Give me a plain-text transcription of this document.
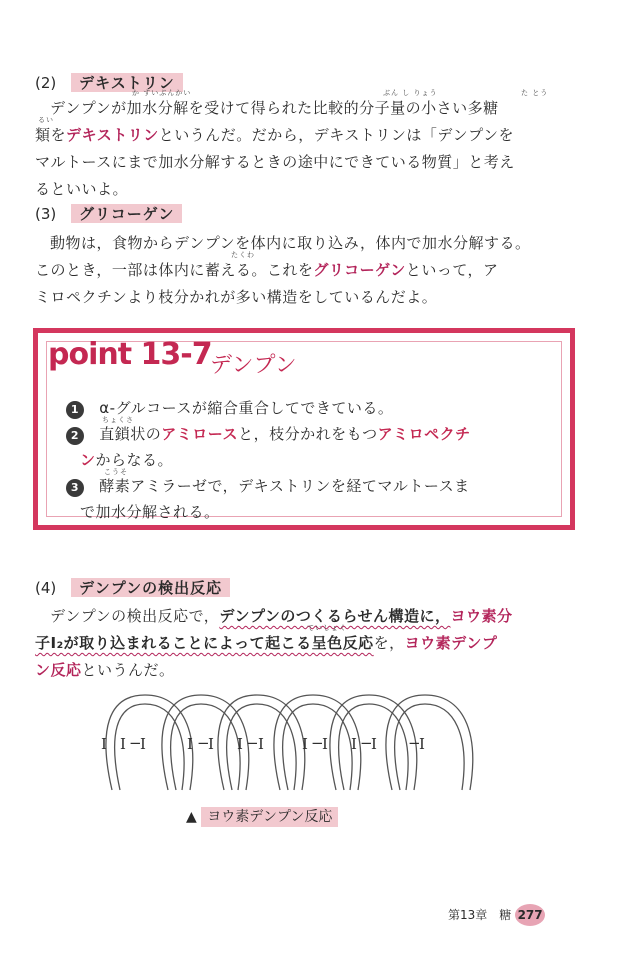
(2) デキストリン
か すいぶんかい	ぶん し りょう	た とう
デンプンが加水分解を受けて得られた比較的分子量の小さい多糖
るい
類をデキストリンというんだ。だから，デキストリンは「デンプンを
マルトースにまで加水分解するときの途中にできている物質」と考え
るといいよ。
(3) グリコーゲン
動物は，食物からデンプンを体内に取り込み，体内で加水分解する。
たくわ
このとき，一部は体内に蓄える。これをグリコーゲンといって，ア
ミロペクチンより枝分かれが多い構造をしているんだよ。
point 13-7
デンプン
1 α-グルコースが縮合重合してできている。
ちょくさ
2 直鎖状のアミロースと，枝分かれをもつアミロペクチ
ンからなる。
こうそ
3 酵素アミラーゼで，デキストリンを経てマルトースま
で加水分解される。
(4) デンプンの検出反応
デンプンの検出反応で，デンプンのつくるらせん構造に，ヨウ素分
ていしょく
子I₂が取り込まれることによって起こる呈色反応を，ヨウ素デンプ
ン反応というんだ。
I I −
I	I −
I I − I	I −
I I −
I −
I
▲ ヨウ素デンプン反応
第13章　糖 277
